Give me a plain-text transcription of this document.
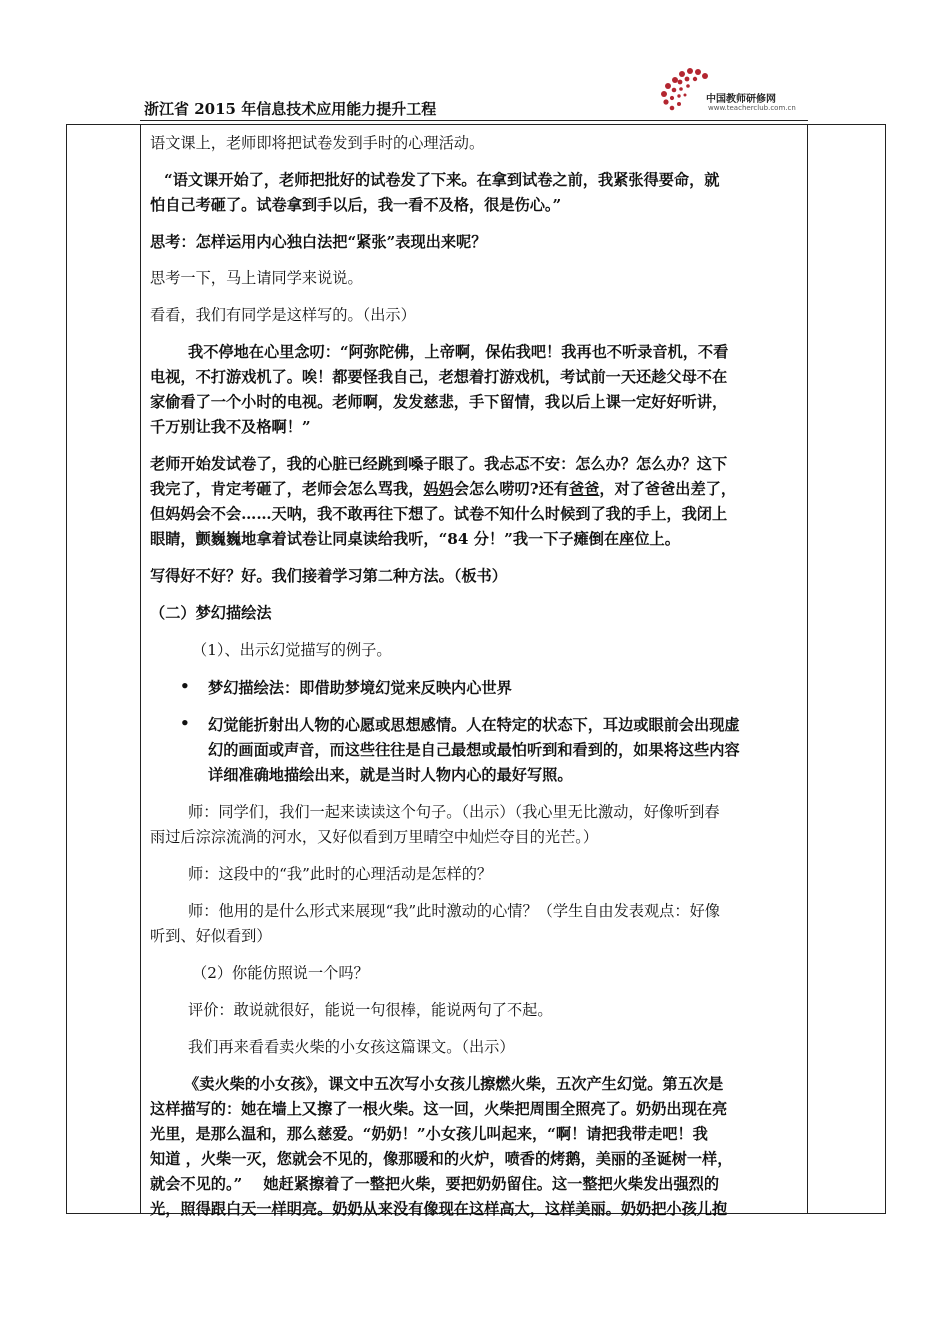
浙江省 2015 年信息技术应用能力提升工程
中国教师研修网
www.teacherclub.com.cn
语文课上，老师即将把试卷发到手时的心理活动。
“语文课开始了，老师把批好的试卷发了下来。在拿到试卷之前，我紧张得要命，就
怕自己考砸了。试卷拿到手以后，我一看不及格，很是伤心。”
思考：怎样运用内心独白法把“紧张”表现出来呢？
思考一下，马上请同学来说说。
看看，我们有同学是这样写的。（出示）
我不停地在心里念叨：“阿弥陀佛，上帝啊，保佑我吧！我再也不听录音机，不看
电视，不打游戏机了。唉！都要怪我自己，老想着打游戏机，考试前一天还趁父母不在
家偷看了一个小时的电视。老师啊，发发慈悲，手下留情，我以后上课一定好好听讲，
千万别让我不及格啊！”
老师开始发试卷了，我的心脏已经跳到嗓子眼了。我忐忑不安：怎么办？怎么办？这下
我完了，肯定考砸了，老师会怎么骂我，妈妈会怎么唠叨?还有爸爸，对了爸爸出差了，
但妈妈会不会……天呐，我不敢再往下想了。试卷不知什么时候到了我的手上，我闭上
眼睛，颤巍巍地拿着试卷让同桌读给我听，“84 分！”我一下子瘫倒在座位上。
写得好不好？好。我们接着学习第二种方法。（板书）
（二）梦幻描绘法
（1）、出示幻觉描写的例子。
• 梦幻描绘法：即借助梦境幻觉来反映内心世界
• 幻觉能折射出人物的心愿或思想感情。人在特定的状态下，耳边或眼前会出现虚
幻的画面或声音，而这些往往是自己最想或最怕听到和看到的，如果将这些内容
详细准确地描绘出来，就是当时人物内心的最好写照。
师：同学们，我们一起来读读这个句子。（出示）（我心里无比激动，好像听到春
雨过后淙淙流淌的河水，又好似看到万里晴空中灿烂夺目的光芒。）
师：这段中的“我”此时的心理活动是怎样的？
师：他用的是什么形式来展现“我”此时激动的心情？（学生自由发表观点：好像
听到、好似看到）
（2）你能仿照说一个吗？
评价：敢说就很好，能说一句很棒，能说两句了不起。
我们再来看看卖火柴的小女孩这篇课文。（出示）
《卖火柴的小女孩》，课文中五次写小女孩儿擦燃火柴，五次产生幻觉。第五次是
这样描写的：她在墙上又擦了一根火柴。这一回，火柴把周围全照亮了。奶奶出现在亮
光里，是那么温和，那么慈爱。“奶奶！”小女孩儿叫起来，“啊！请把我带走吧！我
知道 ，火柴一灭，您就会不见的，像那暖和的火炉，喷香的烤鹅，美丽的圣诞树一样，
就会不见的。”    她赶紧擦着了一整把火柴，要把奶奶留住。这一整把火柴发出强烈的
光，照得跟白天一样明亮。奶奶从来没有像现在这样高大，这样美丽。奶奶把小孩儿抱
